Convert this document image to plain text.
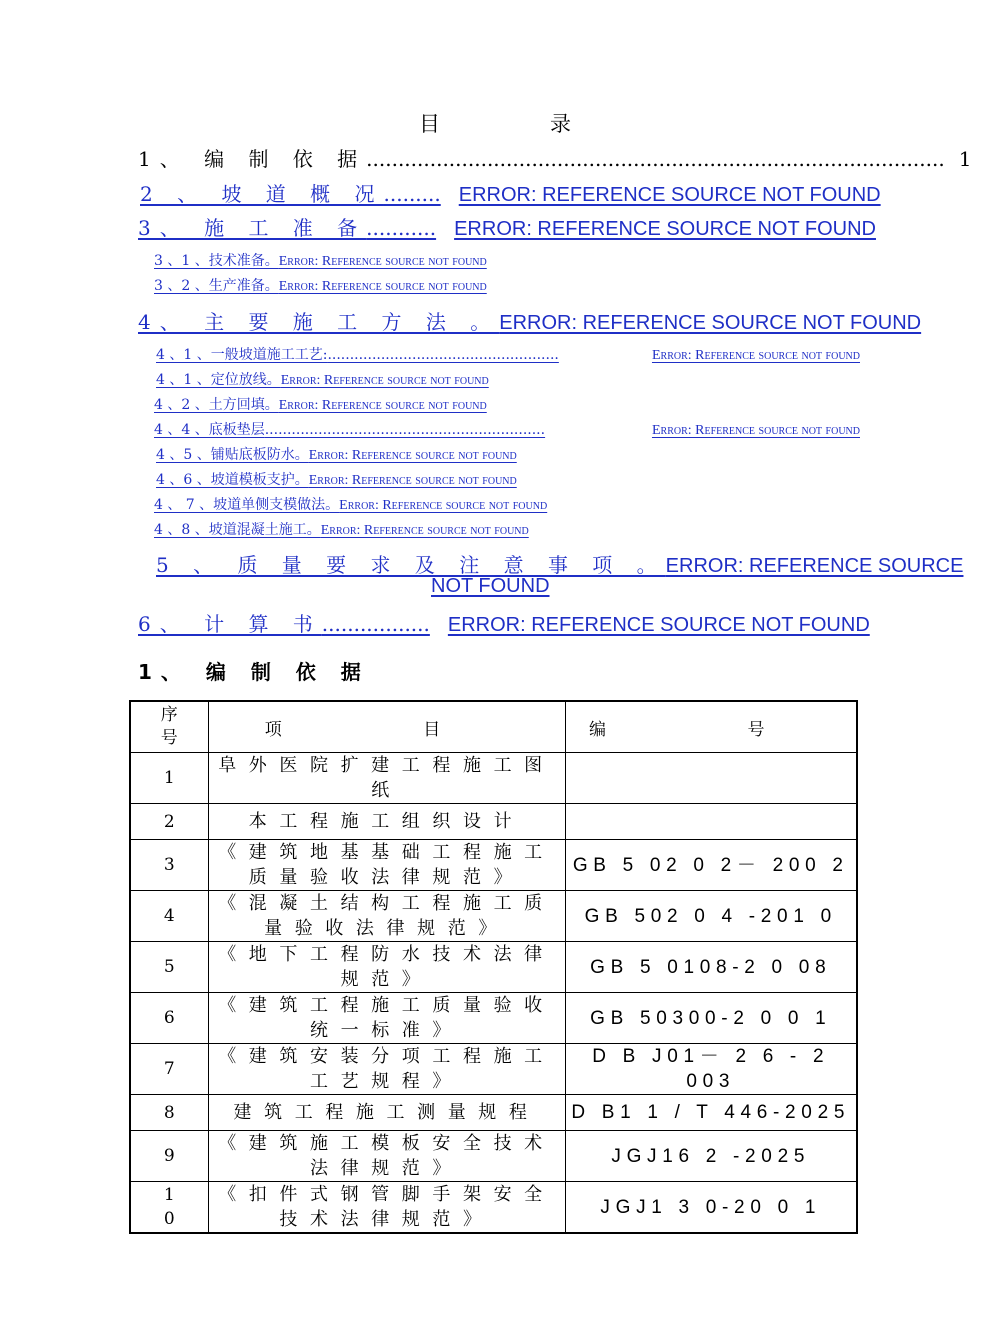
目	录
1、 编 制 依 据 ........................................................................................... 1
2 、 坡 道 概 况 ......... ERROR: REFERENCE SOURCE NOT FOUND
3、 施 工 准 备 ........... ERROR: REFERENCE SOURCE NOT FOUND
3 、1 、技术准备。 Error: Reference source not found
3 、2 、生产准备。 Error: Reference source not found
4、 主 要 施 工 方 法 。 ERROR: REFERENCE SOURCE NOT FOUND
4 、1 、一般坡道施工工艺: ....................................................	Error: Reference source not found
4 、1 、定位放线。 Error: Reference source not found
4 、2 、土方回填。 Error: Reference source not found
4 、4 、底板垫层 ...............................................................	Error: Reference source not found
4 、5 、铺贴底板防水。 Error: Reference source not found
4 、6 、坡道模板支护。 Error: Reference source not found
4 、 7 、坡道单侧支模做法。 Error: Reference source not found
4 、8 、坡道混凝土施工。 Error: Reference source not found
5 、 质 量 要 求 及 注 意 事 项 。 ERROR: REFERENCE SOURCE
NOT FOUND
6、 计 算 书 ................. ERROR: REFERENCE SOURCE NOT FOUND
1、 编 制 依 据
序号	项 目	编 号
1	阜外医院扩建工程施工图纸	
2	本工程施工组织设计	
3	《建筑地基基础工程施工质量验收法律规范》	GB 5 02 0 2－ 200 2
4	《混凝土结构工程施工质量验收法律规范》	GB 502 0 4 -201 0
5	《地下工程防水技术法律规范》	GB 5 0108-2 0 08
6	《建筑工程施工质量验收统一标准》	GB 50300-2 0 0 1
7	《建筑安装分项工程施工工艺规程》	D B J01－ 2 6 - 2 003
8	建筑工程施工测量规程	D B1 1 / T 446-2025
9	《建筑施工模板安全技术法律规范》	JGJ16 2 -2025
10	《扣件式钢管脚手架安全技术法律规范》	JGJ1 3 0-20 0 1
